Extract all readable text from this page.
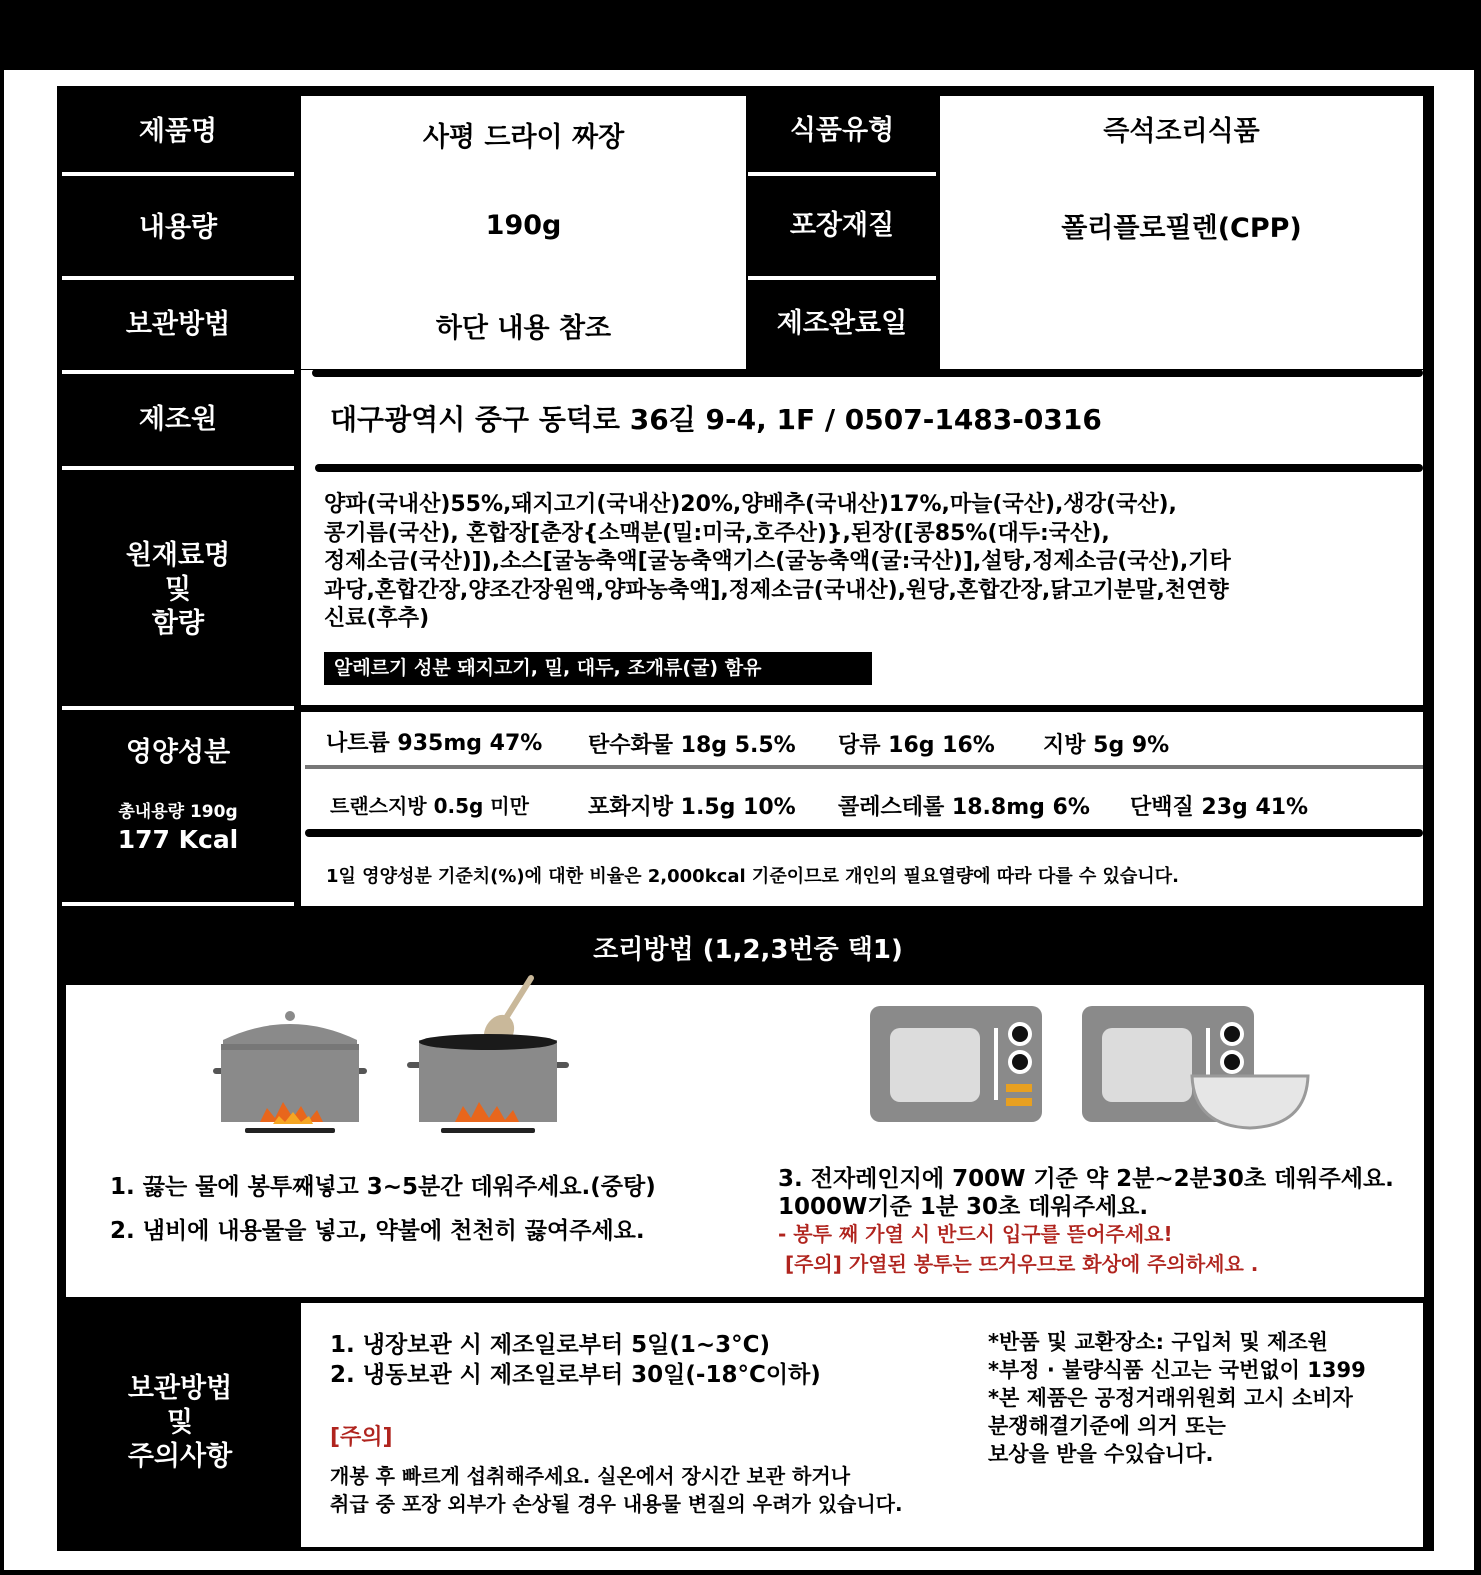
제품명
내용량
보관방법
제조원
원재료명
및
함량
영양성분
총내용량 190g
177 Kcal
사평 드라이 짜장
190g
하단 내용 참조
식품유형
포장재질
제조완료일
즉석조리식품
폴리플로필렌(CPP)
대구광역시 중구 동덕로 36길 9-4, 1F / 0507-1483-0316
양파(국내산)55%,돼지고기(국내산)20%,양배추(국내산)17%,마늘(국산),생강(국산),
콩기름(국산), 혼합장[춘장{소맥분(밀:미국,호주산)},된장([콩85%(대두:국산),
정제소금(국산)]),소스[굴농축액[굴농축액기스(굴농축액(굴:국산)],설탕,정제소금(국산),기타
과당,혼합간장,양조간장원액,양파농축액],정제소금(국내산),원당,혼합간장,닭고기분말,천연향
신료(후추)
알레르기 성분 돼지고기, 밀, 대두, 조개류(굴) 함유
나트륨 935mg 47% 탄수화물 18g 5.5% 당류 16g 16% 지방 5g 9%
트랜스지방 0.5g 미만	포화지방 1.5g 10% 콜레스테롤 18.8mg 6% 단백질 23g 41%
1일 영양성분 기준치(%)에 대한 비율은 2,000kcal 기준이므로 개인의 필요열량에 따라 다를 수 있습니다.
조리방법 (1,2,3번중 택1)
1. 끓는 물에 봉투째넣고 3~5분간 데워주세요.(중탕)
2. 냄비에 내용물을 넣고, 약불에 천천히 끓여주세요.
3. 전자레인지에 700W 기준 약 2분~2분30초 데워주세요.
1000W기준 1분 30초 데워주세요.
- 봉투 째 가열 시 반드시 입구를 뜯어주세요!
[주의] 가열된 봉투는 뜨거우므로 화상에 주의하세요 .
보관방법
및
주의사항
1. 냉장보관 시 제조일로부터 5일(1~3°C)
2. 냉동보관 시 제조일로부터 30일(-18°C이하)
[주의]
개봉 후 빠르게 섭취해주세요. 실온에서 장시간 보관 하거나
취급 중 포장 외부가 손상될 경우 내용물 변질의 우려가 있습니다.
*반품 및 교환장소: 구입처 및 제조원
*부정 · 불량식품 신고는 국번없이 1399
*본 제품은 공정거래위원회 고시 소비자
분쟁해결기준에 의거 또는
보상을 받을 수있습니다.
